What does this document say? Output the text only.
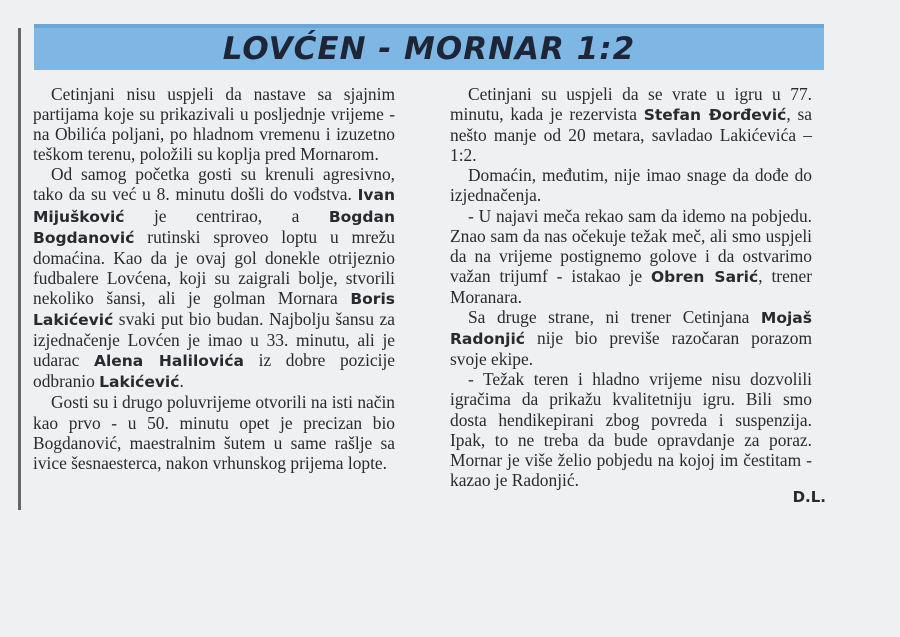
LOVĆEN - MORNAR 1:2

Cetinjani nisu uspjeli da nastave sa sjajnim partijama koje su prikazivali u posljednje vrijeme - na Obilića poljani, po hladnom vremenu i izuzetno teškom terenu, položili su koplja pred Mornarom.

Od samog početka gosti su krenuli agresivno, tako da su već u 8. minutu došli do vođstva. Ivan Mijušković je centrirao, a Bogdan Bogdanović rutinski sproveo loptu u mrežu domaćina. Kao da je ovaj gol donekle otrijeznio fudbalere Lovćena, koji su zaigrali bolje, stvorili nekoliko šansi, ali je golman Mornara Boris Lakićević svaki put bio budan. Najbolju šansu za izjednačenje Lovćen je imao u 33. minutu, ali je udarac Alena Halilovića iz dobre pozicije odbranio Lakićević.

Gosti su i drugo poluvrijeme otvorili na isti način kao prvo - u 50. minutu opet je precizan bio Bogdanović, maestralnim šutem u same rašlje sa ivice šesnaesterca, nakon vrhunskog prijema lopte.

Cetinjani su uspjeli da se vrate u igru u 77. minutu, kada je rezervista Stefan Đorđević, sa nešto manje od 20 metara, savladao Lakićevića – 1:2.

Domaćin, međutim, nije imao snage da dođe do izjednačenja.

- U najavi meča rekao sam da idemo na pobjedu. Znao sam da nas očekuje težak meč, ali smo uspjeli da na vrijeme postignemo golove i da ostvarimo važan trijumf - istakao je Obren Sarić, trener Moranara.

Sa druge strane, ni trener Cetinjana Mojaš Radonjić nije bio previše razočaran porazom svoje ekipe.

- Težak teren i hladno vrijeme nisu dozvolili igračima da prikažu kvalitetniju igru. Bili smo dosta hendikepirani zbog povreda i suspenzija. Ipak, to ne treba da bude opravdanje za poraz. Mornar je više želio pobjedu na kojoj im čestitam - kazao je Radonjić.

D.L.
